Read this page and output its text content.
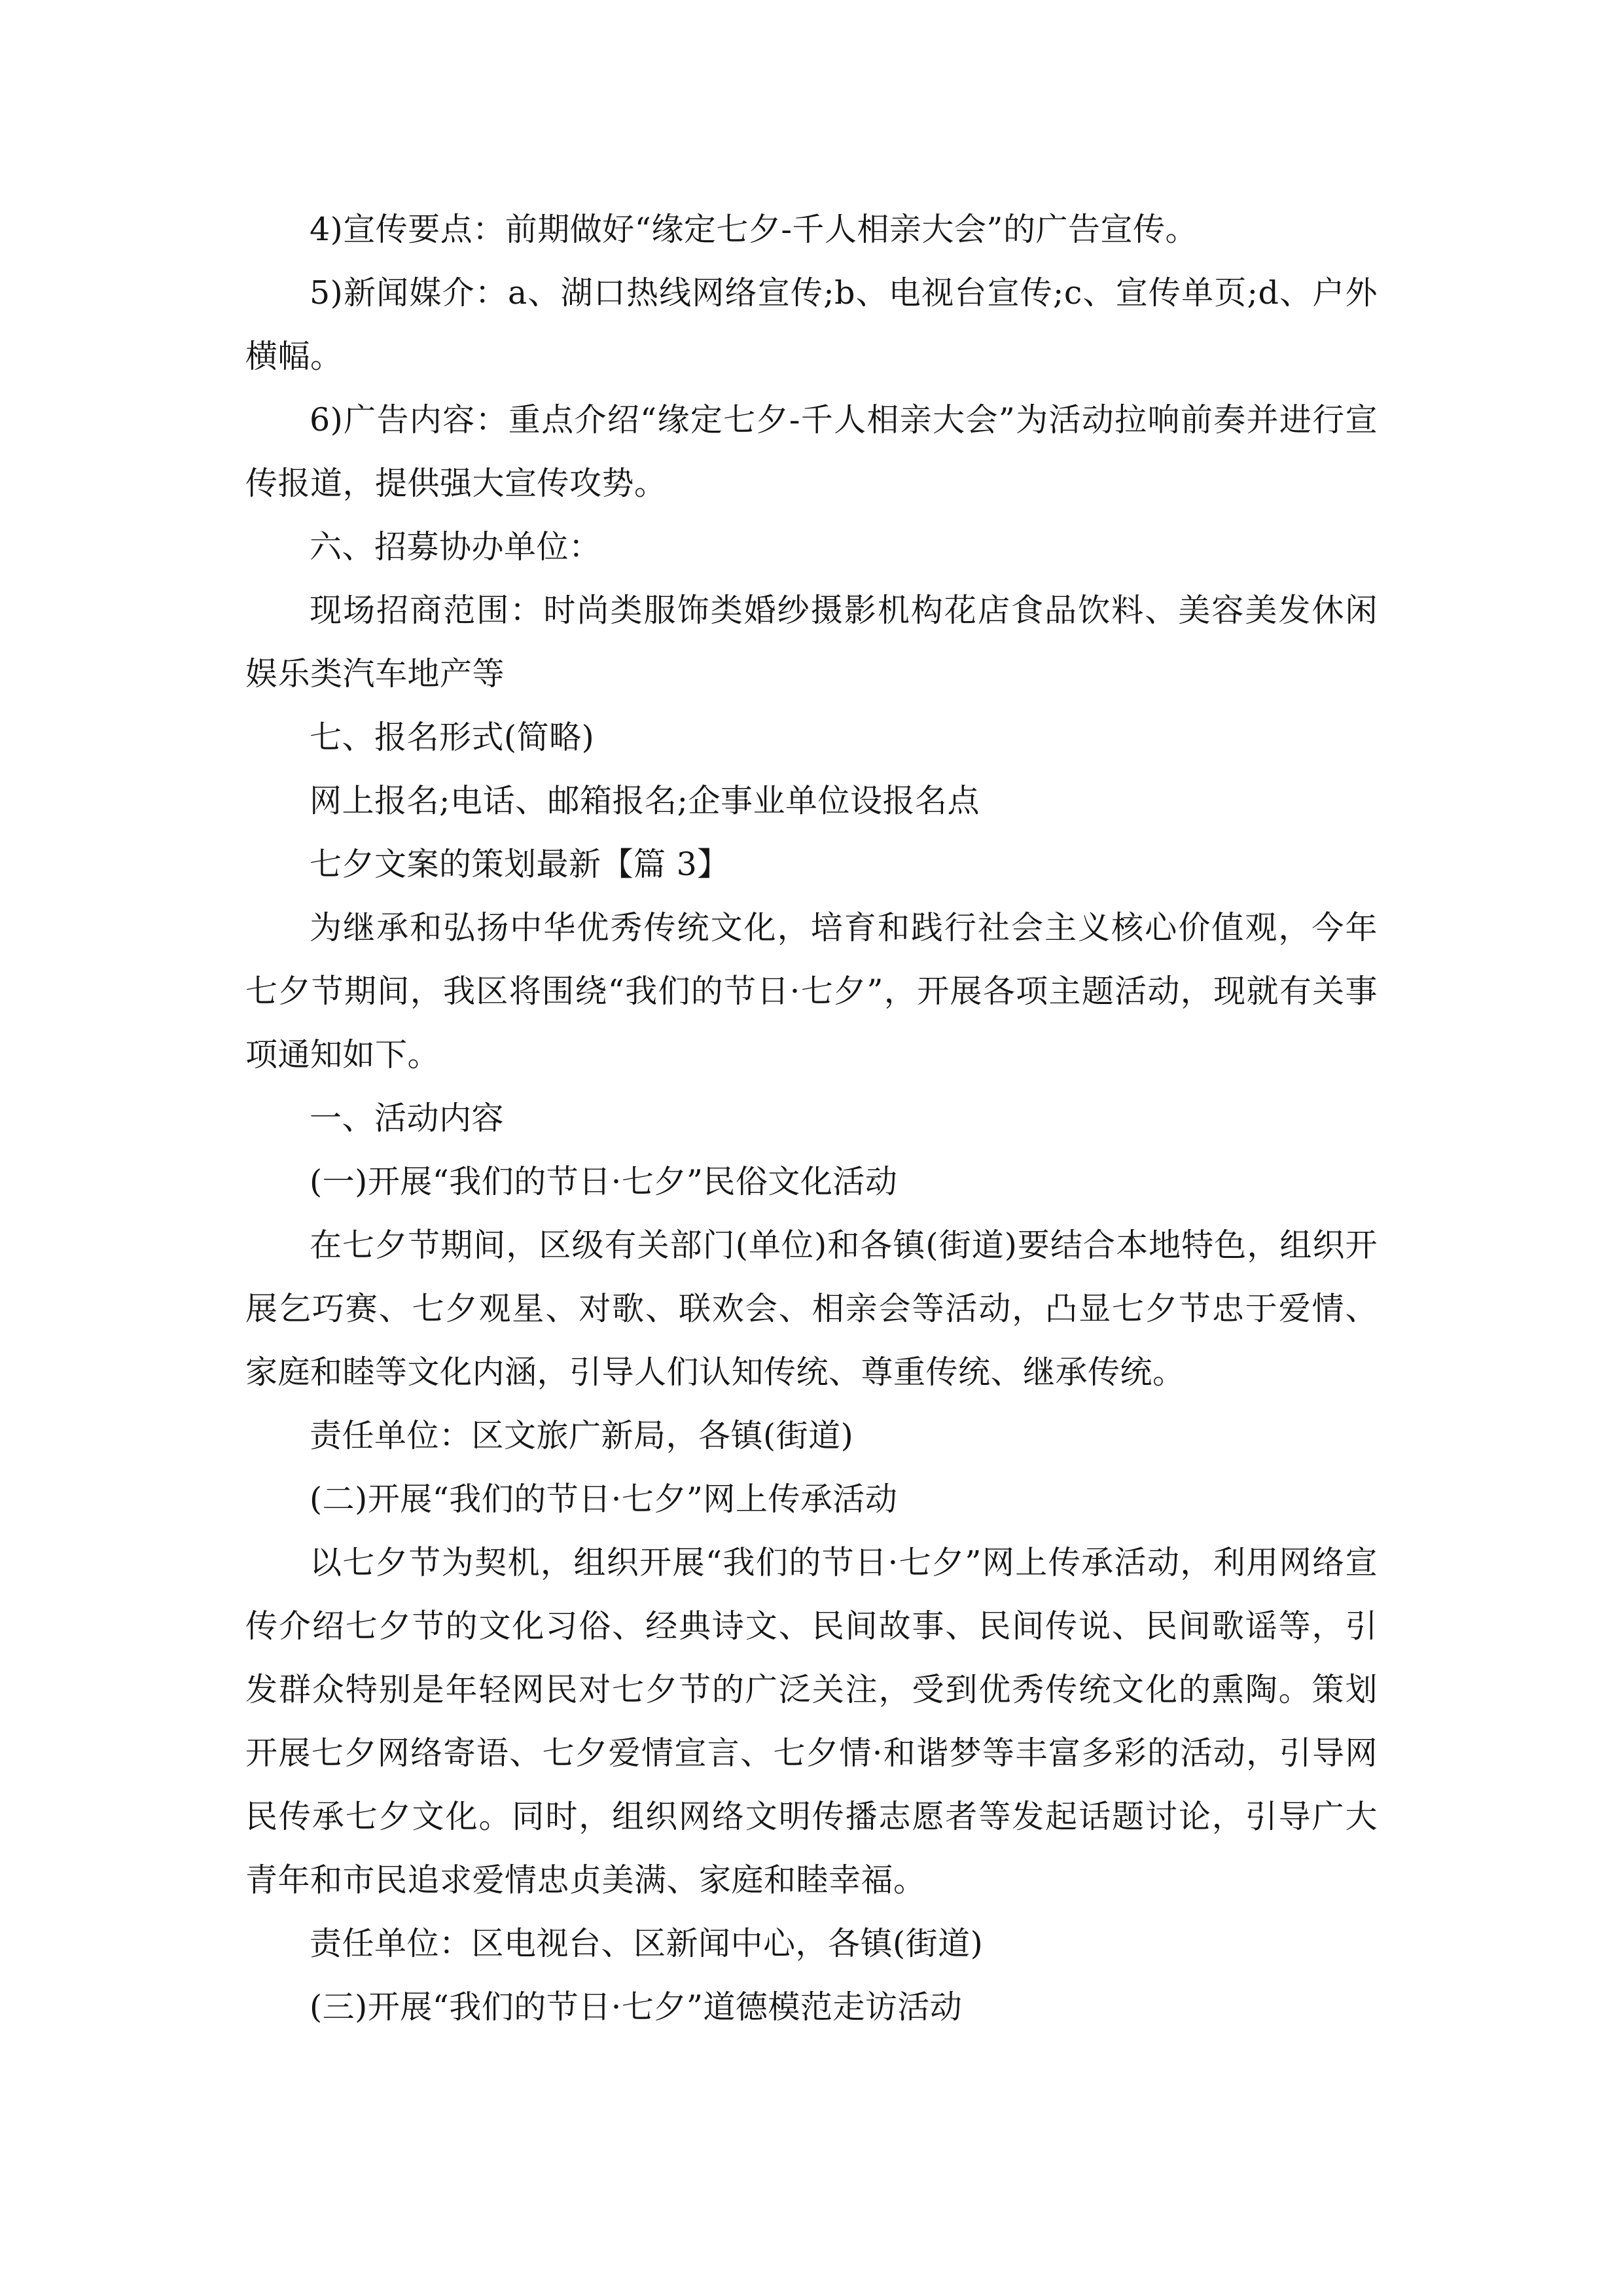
4)宣传要点：前期做好“缘定七夕-千人相亲大会”的广告宣传。

5)新闻媒介：a、湖口热线网络宣传;b、电视台宣传;c、宣传单页;d、户外横幅。

6)广告内容：重点介绍“缘定七夕-千人相亲大会”为活动拉响前奏并进行宣传报道，提供强大宣传攻势。

六、招募协办单位：

现场招商范围：时尚类服饰类婚纱摄影机构花店食品饮料、美容美发休闲娱乐类汽车地产等

七、报名形式(简略)

网上报名;电话、邮箱报名;企事业单位设报名点

七夕文案的策划最新【篇 3】

为继承和弘扬中华优秀传统文化，培育和践行社会主义核心价值观，今年七夕节期间，我区将围绕“我们的节日·七夕”，开展各项主题活动，现就有关事项通知如下。

一、活动内容

(一)开展“我们的节日·七夕”民俗文化活动

在七夕节期间，区级有关部门(单位)和各镇(街道)要结合本地特色，组织开展乞巧赛、七夕观星、对歌、联欢会、相亲会等活动，凸显七夕节忠于爱情、家庭和睦等文化内涵，引导人们认知传统、尊重传统、继承传统。

责任单位：区文旅广新局，各镇(街道)

(二)开展“我们的节日·七夕”网上传承活动

以七夕节为契机，组织开展“我们的节日·七夕”网上传承活动，利用网络宣传介绍七夕节的文化习俗、经典诗文、民间故事、民间传说、民间歌谣等，引发群众特别是年轻网民对七夕节的广泛关注，受到优秀传统文化的熏陶。策划开展七夕网络寄语、七夕爱情宣言、七夕情·和谐梦等丰富多彩的活动，引导网民传承七夕文化。同时，组织网络文明传播志愿者等发起话题讨论，引导广大青年和市民追求爱情忠贞美满、家庭和睦幸福。

责任单位：区电视台、区新闻中心，各镇(街道)

(三)开展“我们的节日·七夕”道德模范走访活动
